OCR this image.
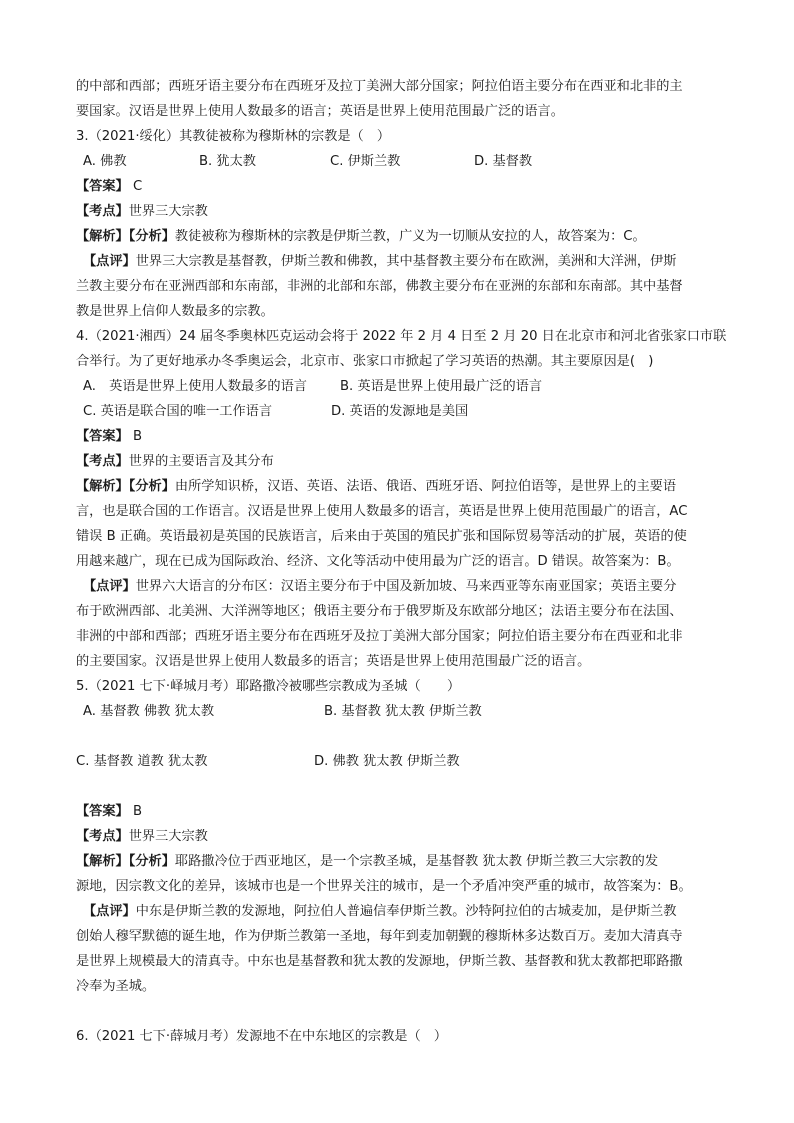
的中部和西部；西班牙语主要分布在西班牙及拉丁美洲大部分国家；阿拉伯语主要分布在西亚和北非的主
要国家。汉语是世界上使用人数最多的语言；英语是世界上使用范围最广泛的语言。
3.（2021·绥化）其教徒被称为穆斯林的宗教是（　）
A. 佛教	B. 犹太教	C. 伊斯兰教	D. 基督教
【答案】 C
【考点】世界三大宗教
【解析】【分析】教徒被称为穆斯林的宗教是伊斯兰教，广义为一切顺从安拉的人，故答案为：C。
【点评】世界三大宗教是基督教，伊斯兰教和佛教，其中基督教主要分布在欧洲，美洲和大洋洲，伊斯
兰教主要分布在亚洲西部和东南部，非洲的北部和东部，佛教主要分布在亚洲的东部和东南部。其中基督
教是世界上信仰人数最多的宗教。
4.（2021·湘西）24 届冬季奥林匹克运动会将于 2022 年 2 月 4 日至 2 月 20 日在北京市和河北省张家口市联
合举行。为了更好地承办冬季奥运会，北京市、张家口市掀起了学习英语的热潮。其主要原因是(　)
A.　英语是世界上使用人数最多的语言	B. 英语是世界上使用最广泛的语言
C. 英语是联合国的唯一工作语言	D. 英语的发源地是美国
【答案】 B
【考点】世界的主要语言及其分布
【解析】【分析】由所学知识桥，汉语、英语、法语、俄语、西班牙语、阿拉伯语等，是世界上的主要语
言，也是联合国的工作语言。汉语是世界上使用人数最多的语言，英语是世界上使用范围最广的语言，AC
错误 B 正确。英语最初是英国的民族语言，后来由于英国的殖民扩张和国际贸易等活动的扩展，英语的使
用越来越广，现在已成为国际政治、经济、文化等活动中使用最为广泛的语言。D 错误。故答案为：B。
【点评】世界六大语言的分布区：汉语主要分布于中国及新加坡、马来西亚等东南亚国家；英语主要分
布于欧洲西部、北美洲、大洋洲等地区；俄语主要分布于俄罗斯及东欧部分地区；法语主要分布在法国、
非洲的中部和西部；西班牙语主要分布在西班牙及拉丁美洲大部分国家；阿拉伯语主要分布在西亚和北非
的主要国家。汉语是世界上使用人数最多的语言；英语是世界上使用范围最广泛的语言。
5.（2021 七下·峄城月考）耶路撒冷被哪些宗教成为圣城（　　）
A. 基督教 佛教 犹太教	B. 基督教 犹太教 伊斯兰教
C. 基督教 道教 犹太教	D. 佛教 犹太教 伊斯兰教
【答案】 B
【考点】世界三大宗教
【解析】【分析】耶路撒冷位于西亚地区，是一个宗教圣城，是基督教 犹太教 伊斯兰教三大宗教的发
源地，因宗教文化的差异，该城市也是一个世界关注的城市，是一个矛盾冲突严重的城市，故答案为：B。
【点评】中东是伊斯兰教的发源地，阿拉伯人普遍信奉伊斯兰教。沙特阿拉伯的古城麦加，是伊斯兰教
创始人穆罕默德的诞生地，作为伊斯兰教第一圣地，每年到麦加朝觐的穆斯林多达数百万。麦加大清真寺
是世界上规模最大的清真寺。中东也是基督教和犹太教的发源地，伊斯兰教、基督教和犹太教都把耶路撒
冷奉为圣城。
6.（2021 七下·薛城月考）发源地不在中东地区的宗教是（　）
